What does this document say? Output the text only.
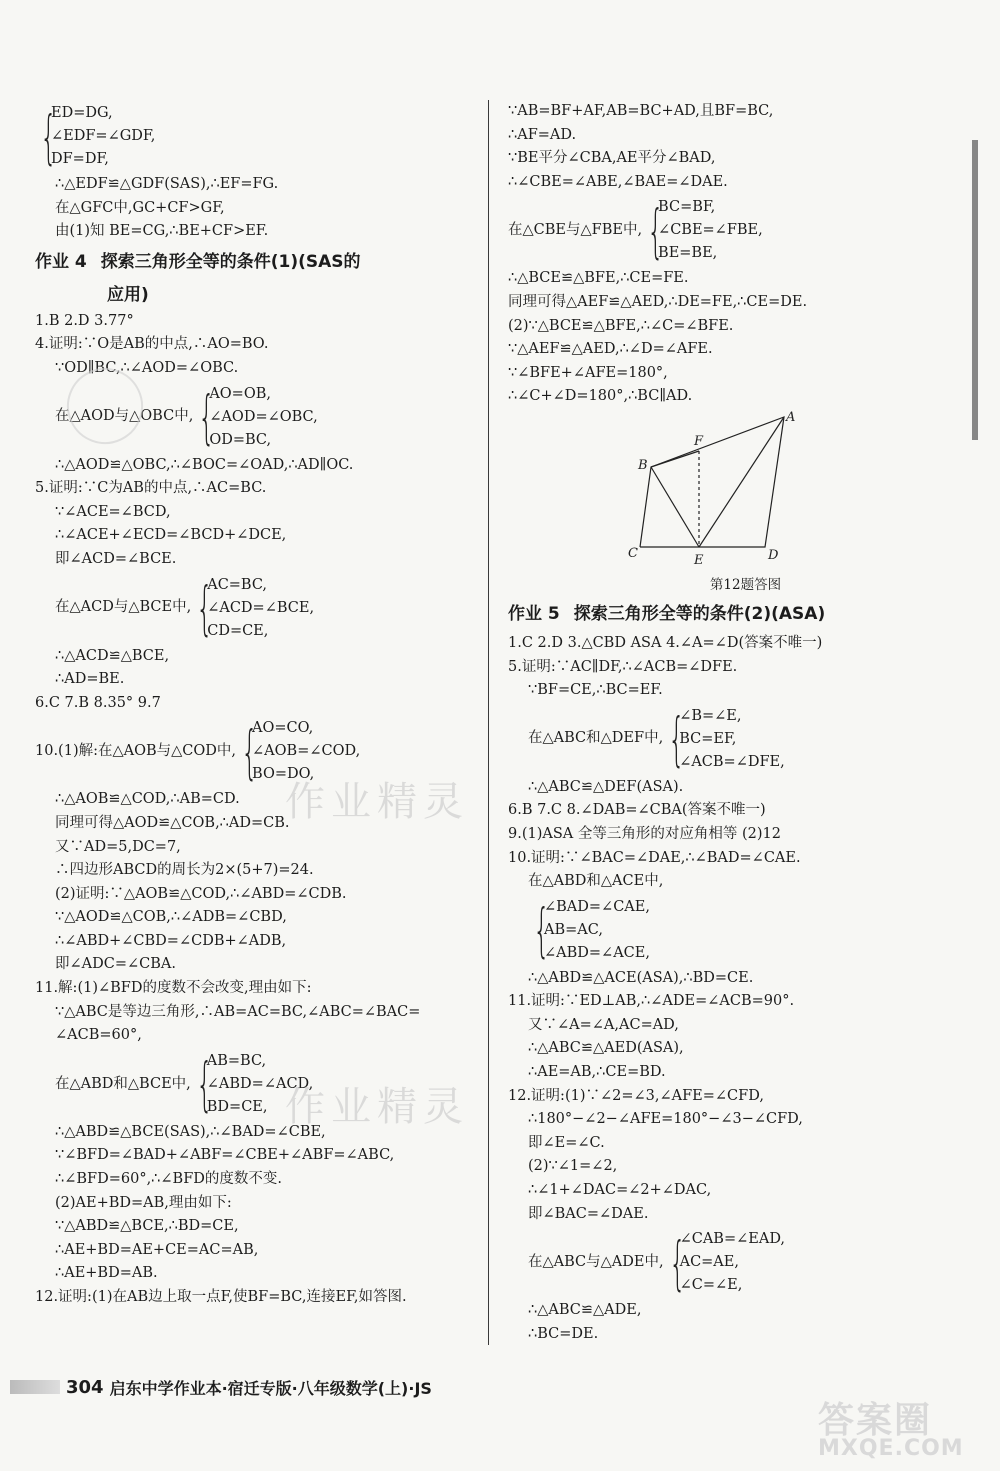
{
ED=DG,
∠EDF=∠GDF,
DF=DF,
∴△EDF≌△GDF(SAS),∴EF=FG.
在△GFC中,GC+CF>GF,
由(1)知 BE=CG,∴BE+CF>EF.
作业 4 探索三角形全等的条件(1)(SAS的
应用)
1.B 2.D 3.77°
4.证明:∵O是AB的中点,∴AO=BO.
∵OD∥BC,∴∠AOD=∠OBC.
在△AOD与△OBC中, {
AO=OB,
∠AOD=∠OBC,
OD=BC,
∴△AOD≌△OBC,∴∠BOC=∠OAD,∴AD∥OC.
5.证明:∵C为AB的中点,∴AC=BC.
∵∠ACE=∠BCD,
∴∠ACE+∠ECD=∠BCD+∠DCE,
即∠ACD=∠BCE.
在△ACD与△BCE中, {
AC=BC,
∠ACD=∠BCE,
CD=CE,
∴△ACD≌△BCE,
∴AD=BE.
6.C 7.B 8.35° 9.7
10.(1)解:在△AOB与△COD中, {
AO=CO,
∠AOB=∠COD,
BO=DO,
∴△AOB≌△COD,∴AB=CD.
同理可得△AOD≌△COB,∴AD=CB.
又∵AD=5,DC=7,
∴四边形ABCD的周长为2×(5+7)=24.
(2)证明:∵△AOB≌△COD,∴∠ABD=∠CDB.
∵△AOD≌△COB,∴∠ADB=∠CBD,
∴∠ABD+∠CBD=∠CDB+∠ADB,
即∠ADC=∠CBA.
11.解:(1)∠BFD的度数不会改变,理由如下:
∵△ABC是等边三角形,∴AB=AC=BC,∠ABC=∠BAC=
∠ACB=60°,
在△ABD和△BCE中, {
AB=BC,
∠ABD=∠ACD,
BD=CE,
∴△ABD≌△BCE(SAS),∴∠BAD=∠CBE,
∵∠BFD=∠BAD+∠ABF=∠CBE+∠ABF=∠ABC,
∴∠BFD=60°,∴∠BFD的度数不变.
(2)AE+BD=AB,理由如下:
∵△ABD≌△BCE,∴BD=CE,
∴AE+BD=AE+CE=AC=AB,
∴AE+BD=AB.
12.证明:(1)在AB边上取一点F,使BF=BC,连接EF,如答图.
∵AB=BF+AF,AB=BC+AD,且BF=BC,
∴AF=AD.
∵BE平分∠CBA,AE平分∠BAD,
∴∠CBE=∠ABE,∠BAE=∠DAE.
在△CBE与△FBE中, {
BC=BF,
∠CBE=∠FBE,
BE=BE,
∴△BCE≌△BFE,∴CE=FE.
同理可得△AEF≌△AED,∴DE=FE,∴CE=DE.
(2)∵△BCE≌△BFE,∴∠C=∠BFE.
∵△AEF≌△AED,∴∠D=∠AFE.
∵∠BFE+∠AFE=180°,
∴∠C+∠D=180°,∴BC∥AD.
A
B
C	D
E
F
第12题答图
作业 5 探索三角形全等的条件(2)(ASA)
1.C 2.D 3.△CBD ASA 4.∠A=∠D(答案不唯一)
5.证明:∵AC∥DF,∴∠ACB=∠DFE.
∵BF=CE,∴BC=EF.
在△ABC和△DEF中, {
∠B=∠E,
BC=EF,
∠ACB=∠DFE,
∴△ABC≌△DEF(ASA).
6.B 7.C 8.∠DAB=∠CBA(答案不唯一)
9.(1)ASA 全等三角形的对应角相等 (2)12
10.证明:∵∠BAC=∠DAE,∴∠BAD=∠CAE.
在△ABD和△ACE中,
{
∠BAD=∠CAE,
AB=AC,
∠ABD=∠ACE,
∴△ABD≌△ACE(ASA),∴BD=CE.
11.证明:∵ED⊥AB,∴∠ADE=∠ACB=90°.
又∵∠A=∠A,AC=AD,
∴△ABC≌△AED(ASA),
∴AE=AB,∴CE=BD.
12.证明:(1)∵∠2=∠3,∠AFE=∠CFD,
∴180°−∠2−∠AFE=180°−∠3−∠CFD,
即∠E=∠C.
(2)∵∠1=∠2,
∴∠1+∠DAC=∠2+∠DAC,
即∠BAC=∠DAE.
在△ABC与△ADE中, {
∠CAB=∠EAD,
AC=AE,
∠C=∠E,
∴△ABC≌△ADE,
∴BC=DE.
作业精灵
作业精灵
答案圈
MXQE.COM
304 启东中学作业本·宿迁专版·八年级数学(上)·JS
